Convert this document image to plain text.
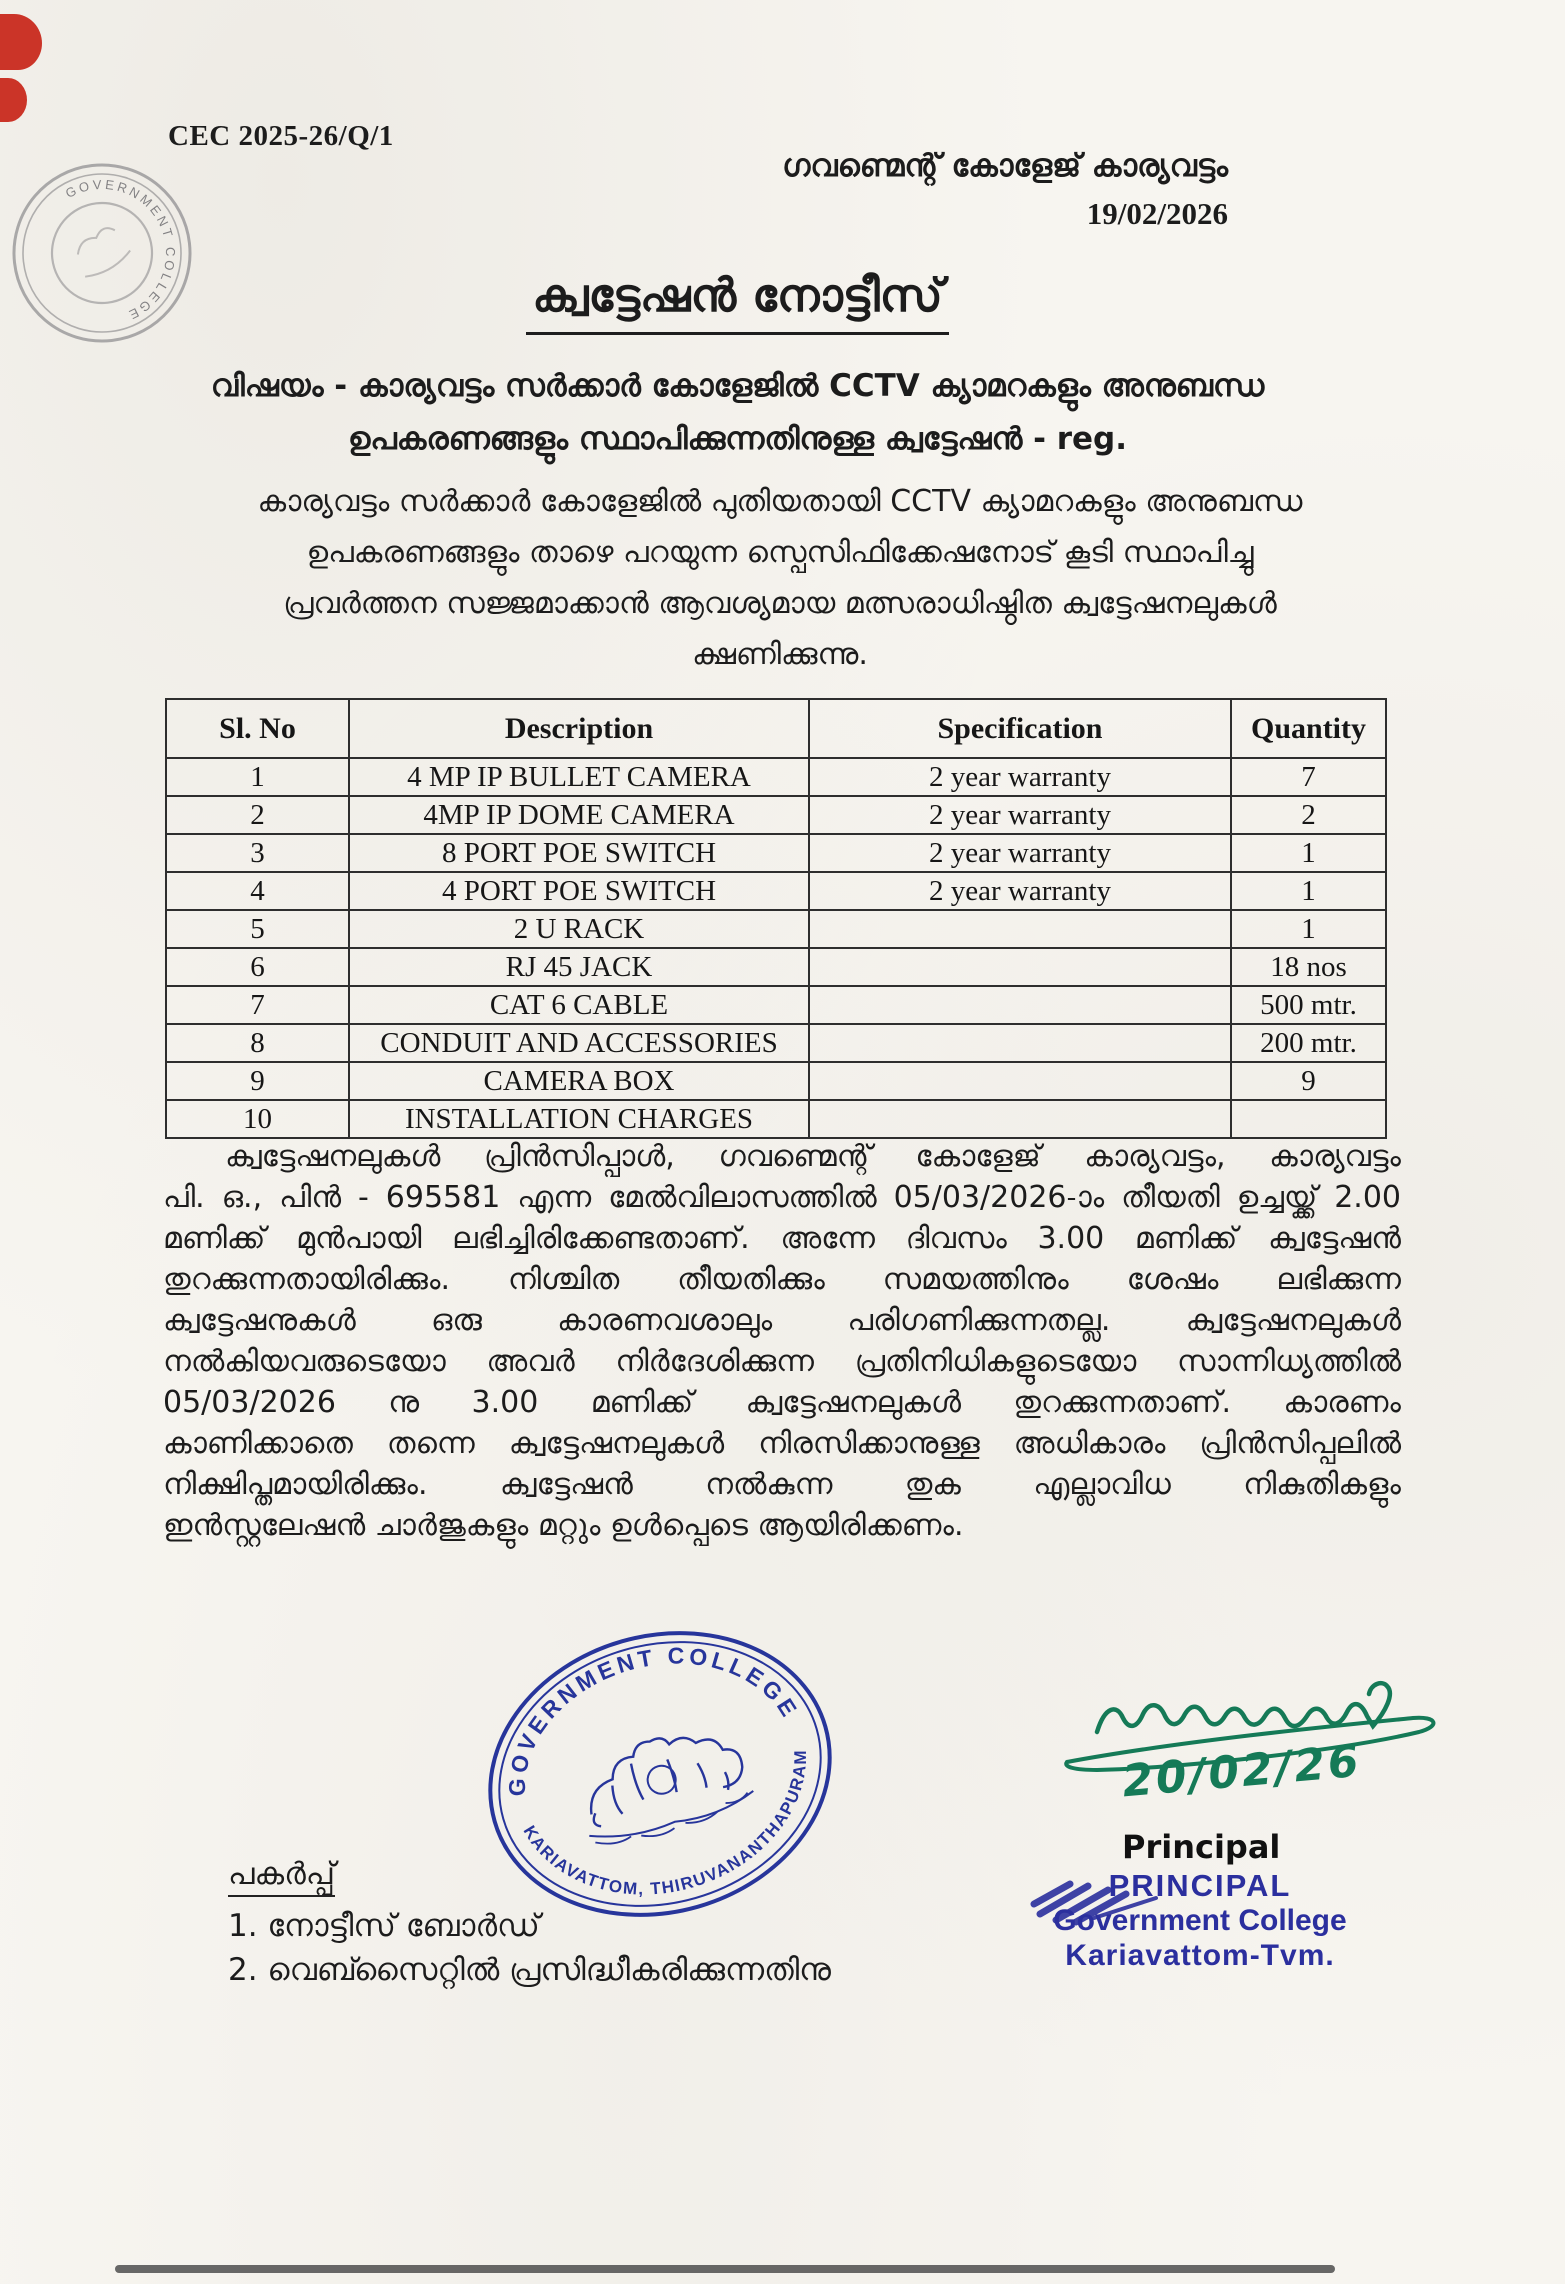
GOVERNMENT COLLEGE
CEC 2025-26/Q/1
ഗവണ്മെന്റ് കോളേജ് കാര്യവട്ടം
19/02/2026
ക്വട്ടേഷൻ നോട്ടീസ്
വിഷയം - കാര്യവട്ടം സർക്കാർ കോളേജിൽ CCTV ക്യാമറകളും അനുബന്ധ
ഉപകരണങ്ങളും സ്ഥാപിക്കുന്നതിനുള്ള ക്വട്ടേഷൻ - reg.
കാര്യവട്ടം സർക്കാർ കോളേജിൽ പുതിയതായി CCTV ക്യാമറകളും അനുബന്ധ
ഉപകരണങ്ങളും താഴെ പറയുന്ന സ്പെസിഫിക്കേഷനോട് കൂടി സ്ഥാപിച്ചു
പ്രവർത്തന സജ്ജമാക്കാൻ ആവശ്യമായ മത്സരാധിഷ്ഠിത ക്വട്ടേഷനലുകൾ
ക്ഷണിക്കുന്നു.
Sl. No	Description	Specification	Quantity
1	4 MP IP BULLET CAMERA	2 year warranty	7
2	4MP IP DOME CAMERA	2 year warranty	2
3	8 PORT POE SWITCH	2 year warranty	1
4	4 PORT POE SWITCH	2 year warranty	1
5	2 U RACK		1
6	RJ 45 JACK		18 nos
7	CAT 6 CABLE		500 mtr.
8	CONDUIT AND ACCESSORIES		200 mtr.
9	CAMERA BOX		9
10	INSTALLATION CHARGES		
ക്വട്ടേഷനലുകൾ പ്രിൻസിപ്പാൾ, ഗവണ്മെന്റ് കോളേജ് കാര്യവട്ടം, കാര്യവട്ടം
പി. ഒ., പിൻ - 695581 എന്ന മേൽവിലാസത്തിൽ 05/03/2026-ാം തീയതി ഉച്ചയ്ക്ക് 2.00
മണിക്ക് മുൻപായി ലഭിച്ചിരിക്കേണ്ടതാണ്. അന്നേ ദിവസം 3.00 മണിക്ക് ക്വട്ടേഷൻ
തുറക്കുന്നതായിരിക്കും. നിശ്ചിത തീയതിക്കും സമയത്തിനും ശേഷം ലഭിക്കുന്ന
ക്വട്ടേഷനുകൾ ഒരു കാരണവശാലും പരിഗണിക്കുന്നതല്ല. ക്വട്ടേഷനലുകൾ
നൽകിയവരുടെയോ അവർ നിർദേശിക്കുന്ന പ്രതിനിധികളുടെയോ സാന്നിധ്യത്തിൽ
05/03/2026 നു 3.00 മണിക്ക് ക്വട്ടേഷനലുകൾ തുറക്കുന്നതാണ്. കാരണം
കാണിക്കാതെ തന്നെ ക്വട്ടേഷനലുകൾ നിരസിക്കാനുള്ള അധികാരം പ്രിൻസിപ്പലിൽ
നിക്ഷിപ്തമായിരിക്കും. ക്വട്ടേഷൻ നൽകുന്ന തുക എല്ലാവിധ നികുതികളും
ഇൻസ്റ്റലേഷൻ ചാർജുകളും മറ്റും ഉൾപ്പെടെ ആയിരിക്കണം.
GOVERNMENT COLLEGE
KARIAVATTOM, THIRUVANANTHAPURAM	20/02/26
Principal
PRINCIPAL
Government College
Kariavattom-Tvm.
പകർപ്പ്
1. നോട്ടീസ് ബോർഡ്
2. വെബ്സൈറ്റിൽ പ്രസിദ്ധീകരിക്കുന്നതിനു
